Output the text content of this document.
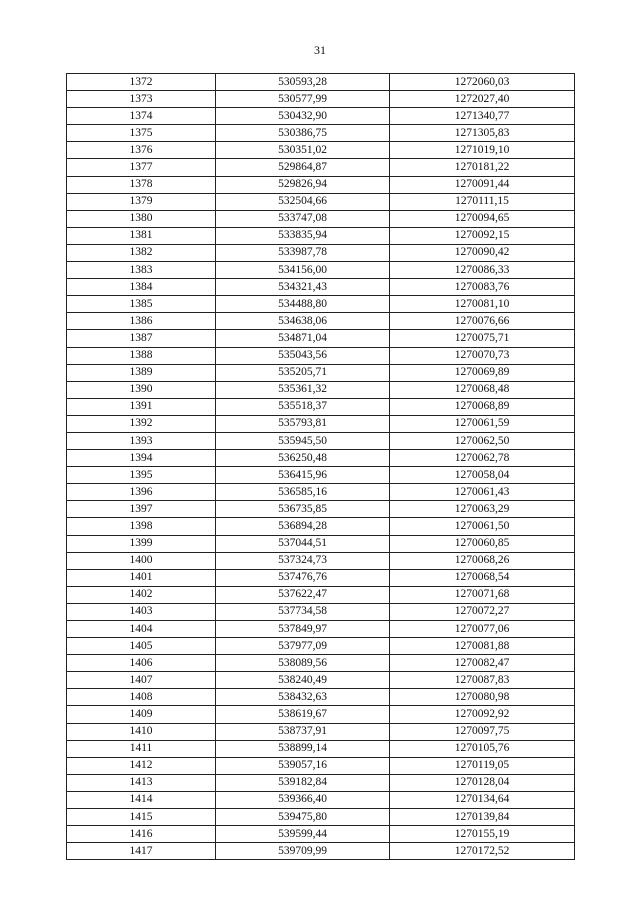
31
1372	530593,28	1272060,03
1373	530577,99	1272027,40
1374	530432,90	1271340,77
1375	530386,75	1271305,83
1376	530351,02	1271019,10
1377	529864,87	1270181,22
1378	529826,94	1270091,44
1379	532504,66	1270111,15
1380	533747,08	1270094,65
1381	533835,94	1270092,15
1382	533987,78	1270090,42
1383	534156,00	1270086,33
1384	534321,43	1270083,76
1385	534488,80	1270081,10
1386	534638,06	1270076,66
1387	534871,04	1270075,71
1388	535043,56	1270070,73
1389	535205,71	1270069,89
1390	535361,32	1270068,48
1391	535518,37	1270068,89
1392	535793,81	1270061,59
1393	535945,50	1270062,50
1394	536250,48	1270062,78
1395	536415,96	1270058,04
1396	536585,16	1270061,43
1397	536735,85	1270063,29
1398	536894,28	1270061,50
1399	537044,51	1270060,85
1400	537324,73	1270068,26
1401	537476,76	1270068,54
1402	537622,47	1270071,68
1403	537734,58	1270072,27
1404	537849,97	1270077,06
1405	537977,09	1270081,88
1406	538089,56	1270082,47
1407	538240,49	1270087,83
1408	538432,63	1270080,98
1409	538619,67	1270092,92
1410	538737,91	1270097,75
1411	538899,14	1270105,76
1412	539057,16	1270119,05
1413	539182,84	1270128,04
1414	539366,40	1270134,64
1415	539475,80	1270139,84
1416	539599,44	1270155,19
1417	539709,99	1270172,52
